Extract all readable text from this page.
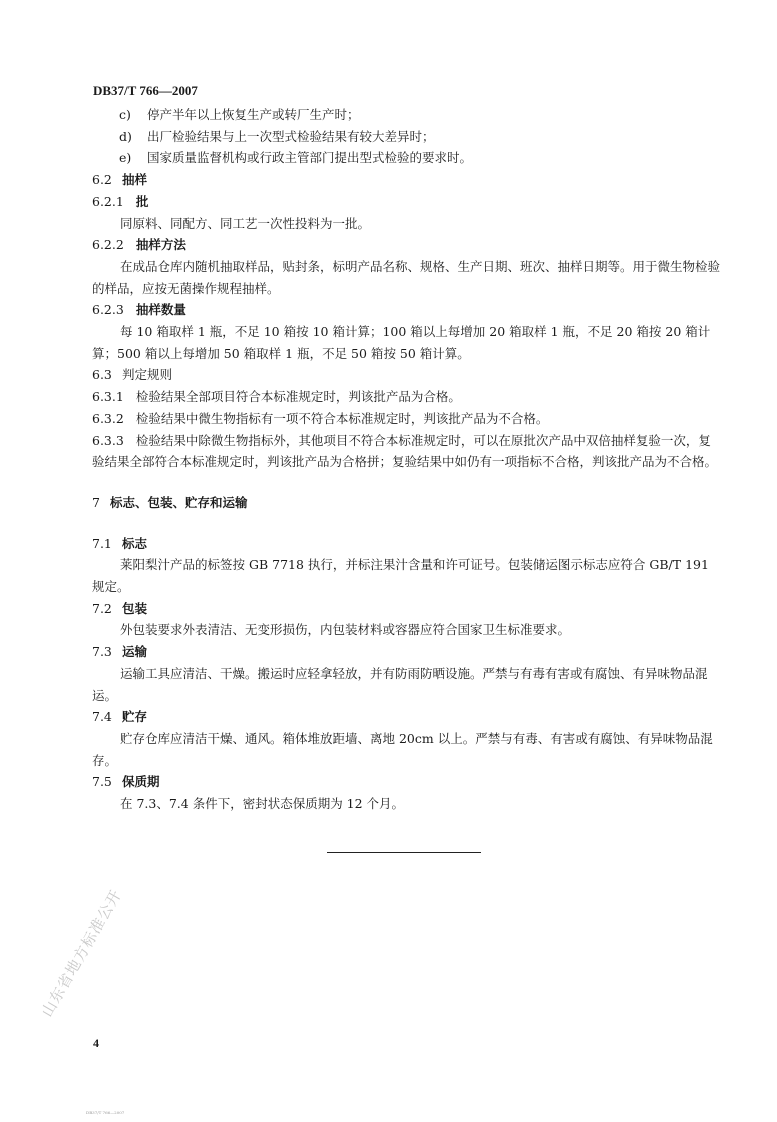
DB37/T 766—2007
c) 停产半年以上恢复生产或转厂生产时；
d) 出厂检验结果与上一次型式检验结果有较大差异时；
e) 国家质量监督机构或行政主管部门提出型式检验的要求时。
6.2 抽样
6.2.1 批
同原料、同配方、同工艺一次性投料为一批。
6.2.2 抽样方法
在成品仓库内随机抽取样品，贴封条，标明产品名称、规格、生产日期、班次、抽样日期等。用于微生物检验的样品，应按无菌操作规程抽样。
6.2.3 抽样数量
每 10 箱取样 1 瓶，不足 10 箱按 10 箱计算；100 箱以上每增加 20 箱取样 1 瓶，不足 20 箱按 20 箱计算；500 箱以上每增加 50 箱取样 1 瓶，不足 50 箱按 50 箱计算。
6.3 判定规则
6.3.1 检验结果全部项目符合本标准规定时，判该批产品为合格。
6.3.2 检验结果中微生物指标有一项不符合本标准规定时，判该批产品为不合格。
6.3.3 检验结果中除微生物指标外，其他项目不符合本标准规定时，可以在原批次产品中双倍抽样复验一次，复验结果全部符合本标准规定时，判该批产品为合格拼；复验结果中如仍有一项指标不合格，判该批产品为不合格。
7 标志、包装、贮存和运输
7.1 标志
莱阳梨汁产品的标签按 GB 7718 执行，并标注果汁含量和许可证号。包装储运图示标志应符合 GB/T 191 规定。
7.2 包装
外包装要求外表清洁、无变形损伤，内包装材料或容器应符合国家卫生标准要求。
7.3 运输
运输工具应清洁、干燥。搬运时应轻拿轻放，并有防雨防晒设施。严禁与有毒有害或有腐蚀、有异味物品混运。
7.4 贮存
贮存仓库应清洁干燥、通风。箱体堆放距墙、离地 20cm 以上。严禁与有毒、有害或有腐蚀、有异味物品混存。
7.5 保质期
在 7.3、7.4 条件下，密封状态保质期为 12 个月。
山东省地方标准公开
4
DB37/T 766—2007
